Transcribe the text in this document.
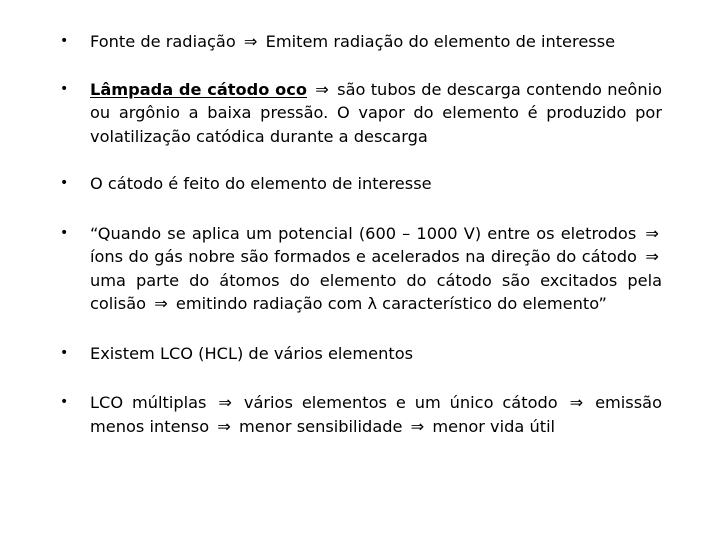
• Fonte de radiação ⇒ Emitem radiação do elemento de interesse
• Lâmpada de cátodo oco ⇒ são tubos de descarga contendo neônio ou argônio a baixa pressão. O vapor do elemento é produzido por volatilização catódica durante a descarga
• O cátodo é feito do elemento de interesse
• “Quando se aplica um potencial (600 – 1000 V) entre os eletrodos ⇒ íons do gás nobre são formados e acelerados na direção do cátodo ⇒ uma parte do átomos do elemento do cátodo são excitados pela colisão ⇒ emitindo radiação com λ característico do elemento”
• Existem LCO (HCL) de vários elementos
• LCO múltiplas ⇒ vários elementos e um único cátodo ⇒ emissão menos intenso ⇒ menor sensibilidade ⇒ menor vida útil
